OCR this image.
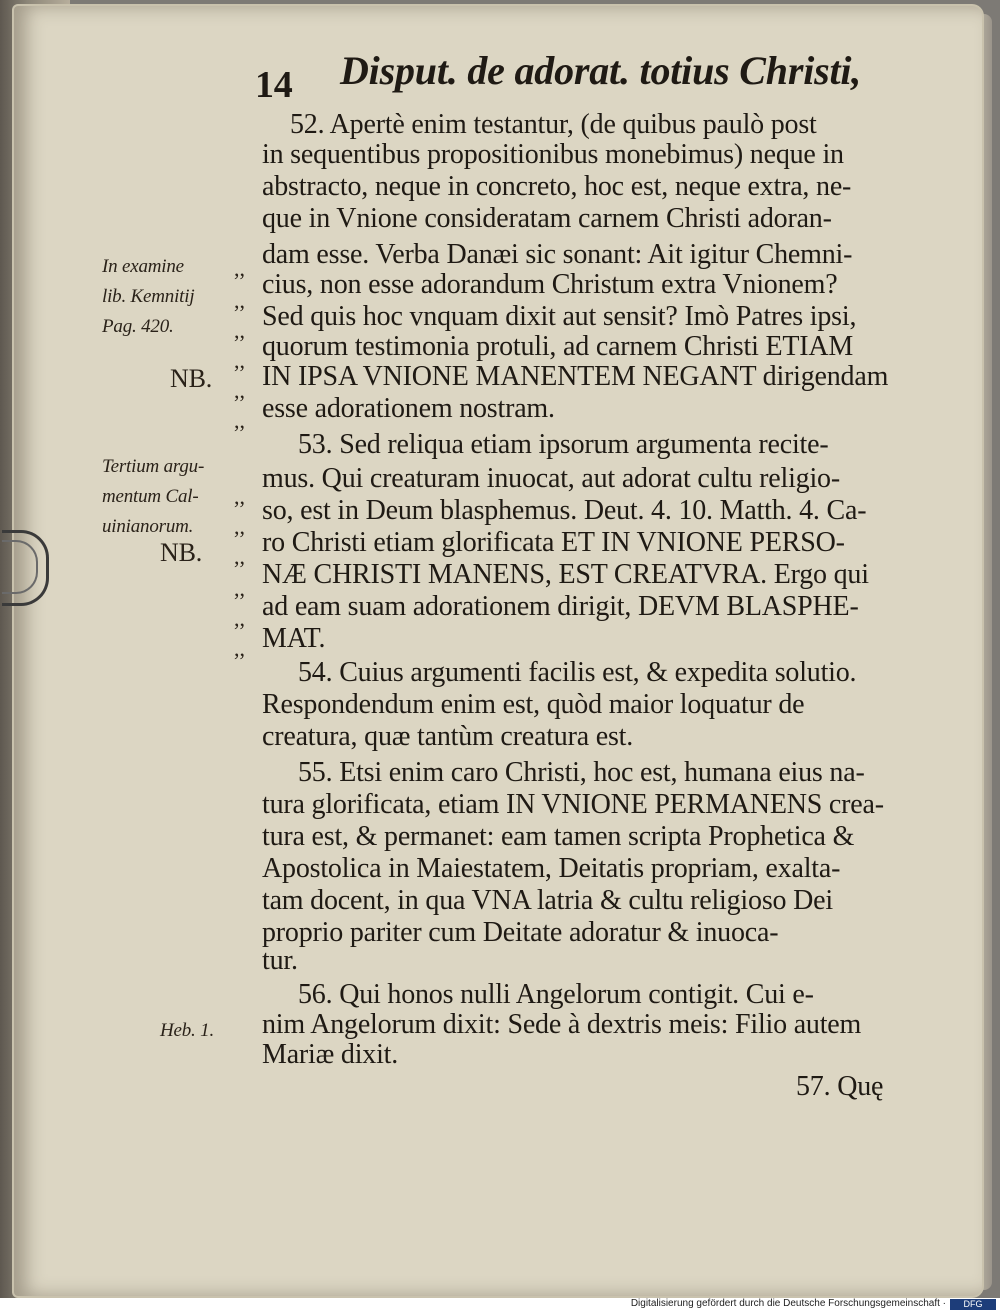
14 Disput. de adorat. totius Christi,
In examine
lib. Kemnitij
Pag. 420.
NB.
Tertium argu-
mentum Cal-
uinianorum.
NB.
Heb. 1.
,,
,,
,,
,,
,,
,,
,,
,,
,,
,,
,,
,,
52. Apertè enim testantur, (de quibus paulò post
in sequentibus propositionibus monebimus) neque in
abstracto, neque in concreto, hoc est, neque extra, ne-
que in Vnione consideratam carnem Christi adoran-
dam esse. Verba Danæi sic sonant: Ait igitur Chemni-
cius, non esse adorandum Christum extra Vnionem?
Sed quis hoc vnquam dixit aut sensit? Imò Patres ipsi,
quorum testimonia protuli, ad carnem Christi ETIAM
IN IPSA VNIONE MANENTEM NEGANT dirigendam
esse adorationem nostram.
53. Sed reliqua etiam ipsorum argumenta recite-
mus. Qui creaturam inuocat, aut adorat cultu religio-
so, est in Deum blasphemus. Deut. 4. 10. Matth. 4. Ca-
ro Christi etiam glorificata ET IN VNIONE PERSO-
NÆ CHRISTI MANENS, EST CREATVRA. Ergo qui
ad eam suam adorationem dirigit, DEVM BLASPHE-
MAT.
54. Cuius argumenti facilis est, & expedita solutio.
Respondendum enim est, quòd maior loquatur de
creatura, quæ tantùm creatura est.
55. Etsi enim caro Christi, hoc est, humana eius na-
tura glorificata, etiam IN VNIONE PERMANENS crea-
tura est, & permanet: eam tamen scripta Prophetica &
Apostolica in Maiestatem, Deitatis propriam, exalta-
tam docent, in qua VNA latria & cultu religioso Dei
proprio pariter cum Deitate adoratur & inuoca-
tur.
56. Qui honos nulli Angelorum contigit. Cui e-
nim Angelorum dixit: Sede à dextris meis: Filio autem
Mariæ dixit.
57. Quę
Digitalisierung gefördert durch die Deutsche Forschungsgemeinschaft ·	DFG
